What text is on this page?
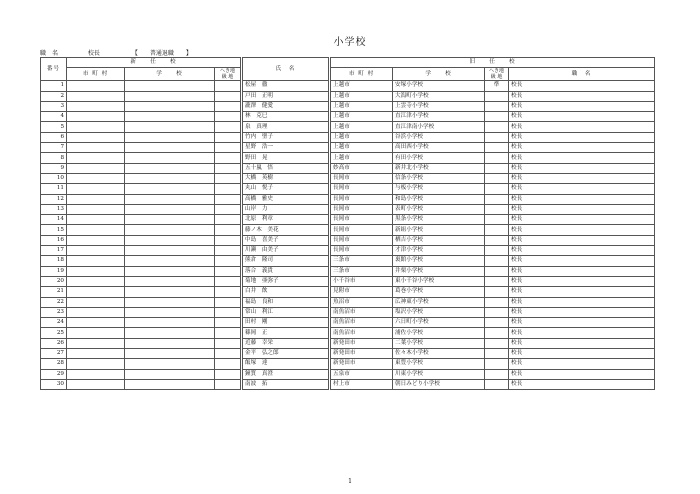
小学校
職　名	校長	【　　普通退職　　】
番号	新　　任　　校				氏　名		旧　　任　　校			
	市 町 村	学　　校	へき地
級 地				市 町 村	学　　校	へき地
級 地	職　名
1					松屋　徹		上越市	安塚小学校	準	校長
2					戸田　正明		上越市	大潟町小学校		校長
3					瀧澤　健愛		上越市	上雲寺小学校		校長
4					林　克巳		上越市	直江津小学校		校長
5					泉　真理		上越市	直江津南小学校		校長
6					竹内　聖子		上越市	谷浜小学校		校長
7					星野　浩一		上越市	高田西小学校		校長
8					野田　晃		上越市	有田小学校		校長
9					五十嵐　悟		妙高市	新井北小学校		校長
10					大橋　英樹		長岡市	信条小学校		校長
11					丸山　悦子		長岡市	与板小学校		校長
12					高橋　雅史		長岡市	和島小学校		校長
13					山岸　力		長岡市	表町小学校		校長
14					北原　利章		長岡市	黒条小学校		校長
15					藤ノ木　美花		長岡市	新組小学校		校長
16					中島　喜美子		長岡市	栖吉小学校		校長
17					川瀬　由美子		長岡市	才津小学校		校長
18					熊倉　隆司		三条市	裏館小学校		校長
19					落合　義貴		三条市	井栗小学校		校長
20					菊地　亜弥子		小千谷市	東小千谷小学校		校長
21					白井　飲		見附市	葛巻小学校		校長
22					福島　良和		魚沼市	広神東小学校		校長
23					常山　利江		南魚沼市	塩沢小学校		校長
24					田村　剛		南魚沼市	六日町小学校		校長
25					篠岡　正		南魚沼市	浦佐小学校		校長
26					近藤　幸栄		新発田市	二葉小学校		校長
27					金平　弘之郎		新発田市	佐々木小学校		校長
28					飯塚　達		新発田市	東豊小学校		校長
29					鐘質　真澄		五泉市	川東小学校		校長
30					南波　拓		村上市	朝日みどり小学校		校長
1
